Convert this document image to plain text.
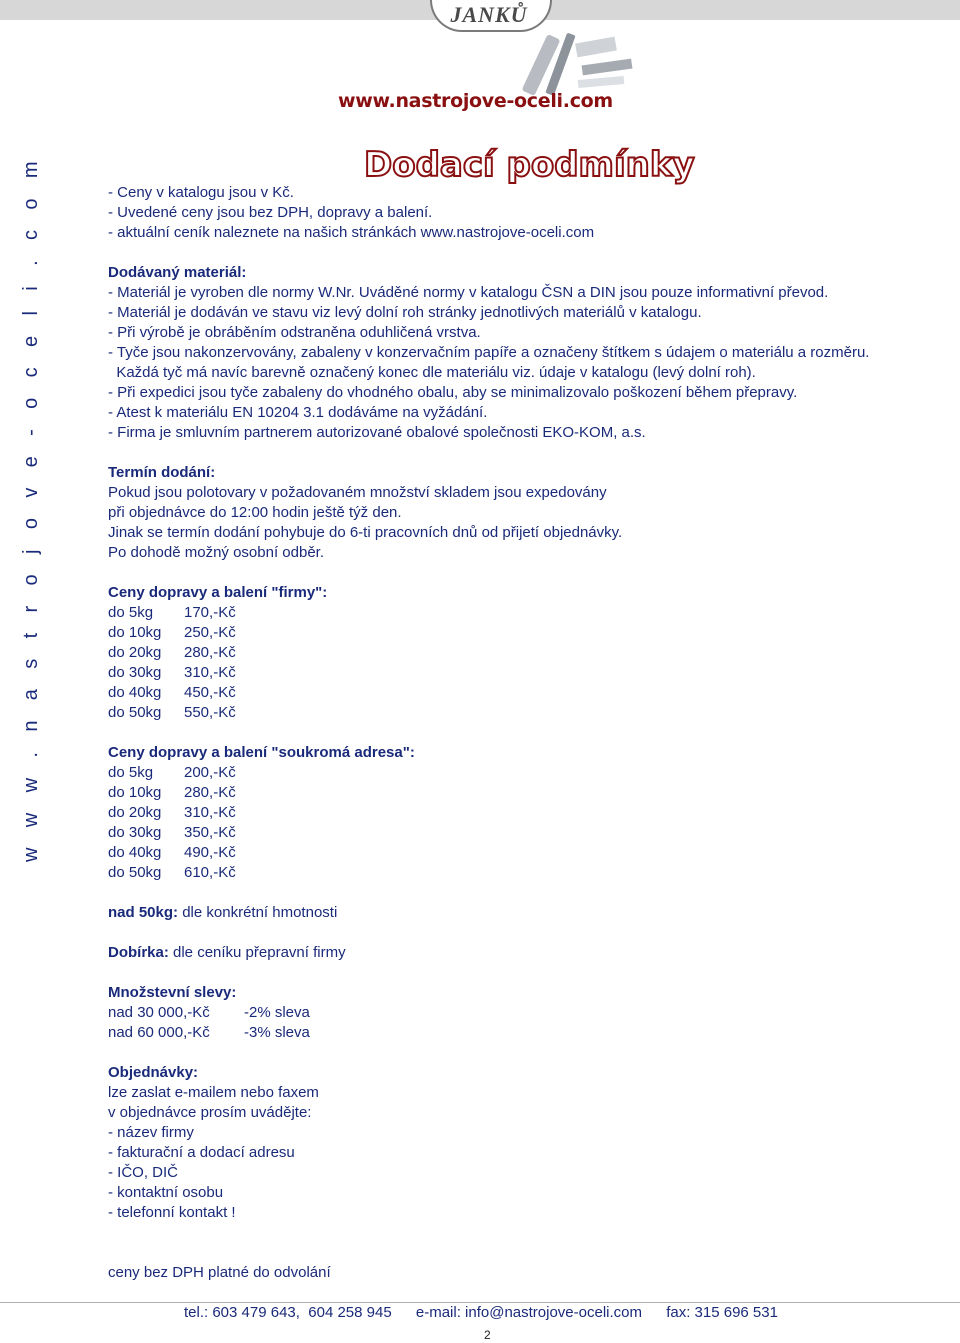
JANKŮ
www.nastrojove-oceli.com
Dodací podmínky
w w w . n a s t r o j o v e - o c e l i . c o m	- Ceny v katalogu jsou v Kč.
- Uvedené ceny jsou bez DPH, dopravy a balení.
- aktuální ceník naleznete na našich stránkách www.nastrojove-oceli.com
Dodávaný materiál:
- Materiál je vyroben dle normy W.Nr. Uváděné normy v katalogu ČSN a DIN jsou pouze informativní převod.
- Materiál je dodáván ve stavu viz levý dolní roh stránky jednotlivých materiálů v katalogu.
- Při výrobě je obráběním odstraněna oduhličená vrstva.
- Tyče jsou nakonzervovány, zabaleny v konzervačním papíře a označeny štítkem s údajem o materiálu a rozměru.
Každá tyč má navíc barevně označený konec dle materiálu viz. údaje v katalogu (levý dolní roh).
- Při expedici jsou tyče zabaleny do vhodného obalu, aby se minimalizovalo poškození během přepravy.
- Atest k materiálu EN 10204 3.1 dodáváme na vyžádání.
- Firma je smluvním partnerem autorizované obalové společnosti EKO-KOM, a.s.
Termín dodání:
Pokud jsou polotovary v požadovaném množství skladem jsou expedovány
při objednávce do 12:00 hodin ještě týž den.
Jinak se termín dodání pohybuje do 6-ti pracovních dnů od přijetí objednávky.
Po dohodě možný osobní odběr.
Ceny dopravy a balení "firmy":
do 5kg 170,-Kč
do 10kg 250,-Kč
do 20kg 280,-Kč
do 30kg 310,-Kč
do 40kg 450,-Kč
do 50kg 550,-Kč
Ceny dopravy a balení "soukromá adresa":
do 5kg 200,-Kč
do 10kg 280,-Kč
do 20kg 310,-Kč
do 30kg 350,-Kč
do 40kg 490,-Kč
do 50kg 610,-Kč
nad 50kg: dle konkrétní hmotnosti
Dobírka: dle ceníku přepravní firmy
Množstevní slevy:
nad 30 000,-Kč -2% sleva
nad 60 000,-Kč -3% sleva
Objednávky:
lze zaslat e-mailem nebo faxem
v objednávce prosím uvádějte:
- název firmy
- fakturační a dodací adresu
- IČO, DIČ
- kontaktní osobu
- telefonní kontakt !
ceny bez DPH platné do odvolání
tel.: 603 479 643,  604 258 945 e-mail: info@nastrojove-oceli.com fax: 315 696 531
2
